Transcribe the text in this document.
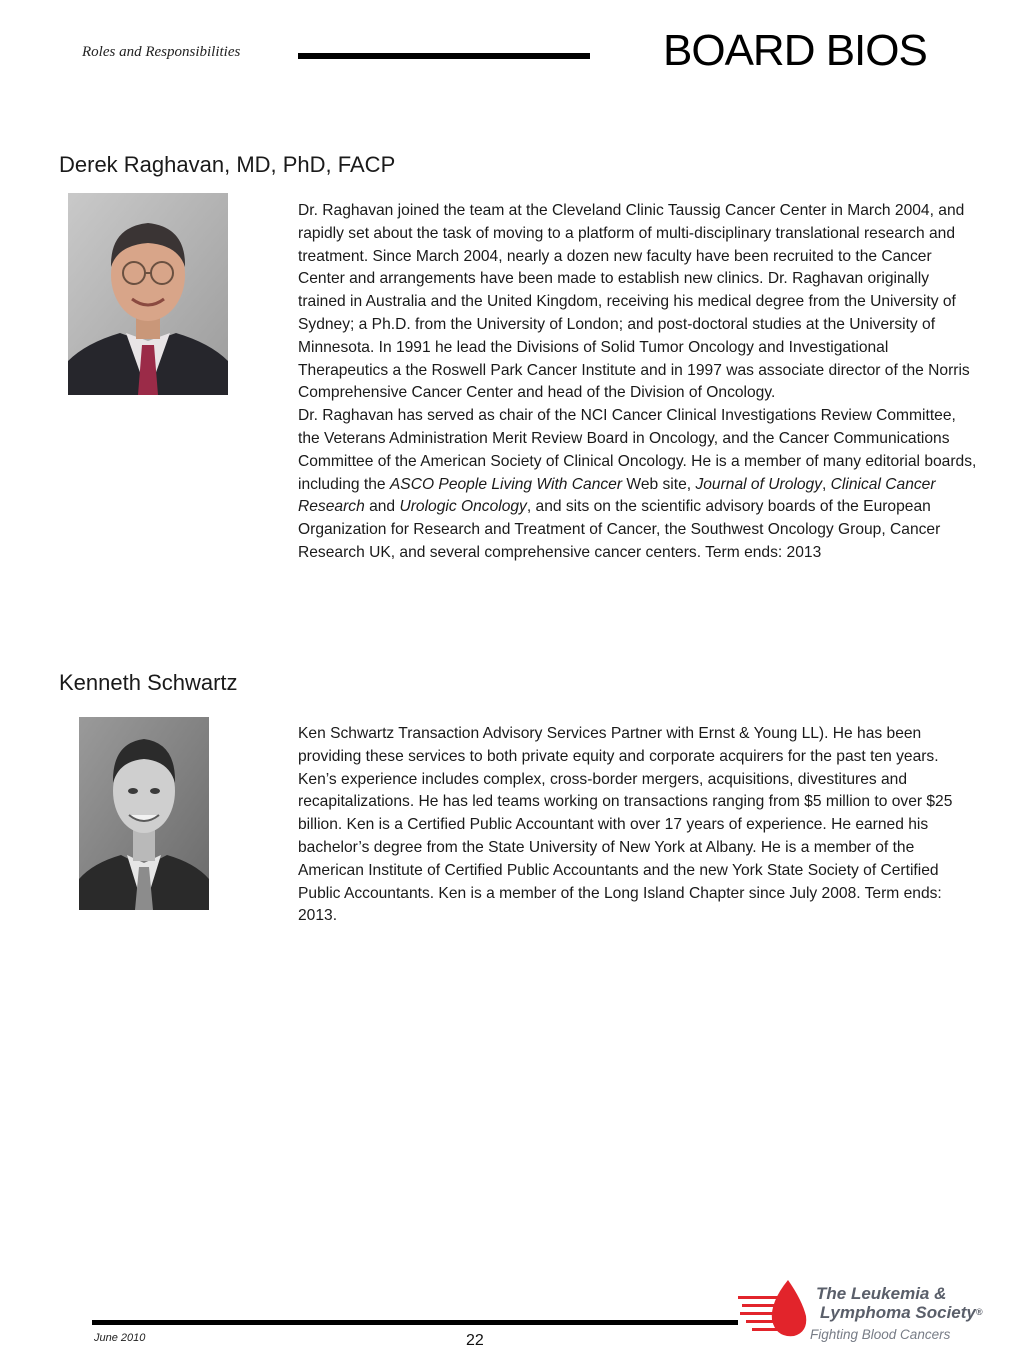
Roles and Responsibilities	BOARD BIOS
Derek Raghavan, MD, PhD, FACP

Dr. Raghavan joined the team at the Cleveland Clinic Taussig Cancer Center in March 2004, and rapidly set about the task of moving to a platform of multi-disciplinary translational research and treatment. Since March 2004, nearly a dozen new faculty have been recruited to the Cancer Center and arrangements have been made to establish new clinics. Dr. Raghavan originally trained in Australia and the United Kingdom, receiving his medical degree from the University of Sydney; a Ph.D. from the University of London; and post-doctoral studies at the University of Minnesota. In 1991 he lead the Divisions of Solid Tumor Oncology and Investigational Therapeutics a the Roswell Park Cancer Institute and in 1997 was associate director of the Norris Comprehensive Cancer Center and head of the Division of Oncology.

Dr. Raghavan has served as chair of the NCI Cancer Clinical Investigations Review Committee, the Veterans Administration Merit Review Board in Oncology, and the Cancer Communications Committee of the American Society of Clinical Oncology. He is a member of many editorial boards, including the ASCO People Living With Cancer Web site, Journal of Urology, Clinical Cancer Research and Urologic Oncology, and sits on the scientific advisory boards of the European Organization for Research and Treatment of Cancer, the Southwest Oncology Group, Cancer Research UK, and several comprehensive cancer centers. Term ends: 2013

Kenneth Schwartz

Ken Schwartz Transaction Advisory Services Partner with Ernst & Young LL). He has been providing these services to both private equity and corporate acquirers for the past ten years. Ken’s experience includes complex, cross-border mergers, acquisitions, divestitures and recapitalizations. He has led teams working on transactions ranging from $5 million to over $25 billion. Ken is a Certified Public Accountant with over 17 years of experience. He earned his bachelor’s degree from the State University of New York at Albany. He is a member of the American Institute of Certified Public Accountants and the new York State Society of Certified Public Accountants. Ken is a member of the Long Island Chapter since July 2008. Term ends: 2013.

June 2010	22
The Leukemia &
Lymphoma Society®
Fighting Blood Cancers
